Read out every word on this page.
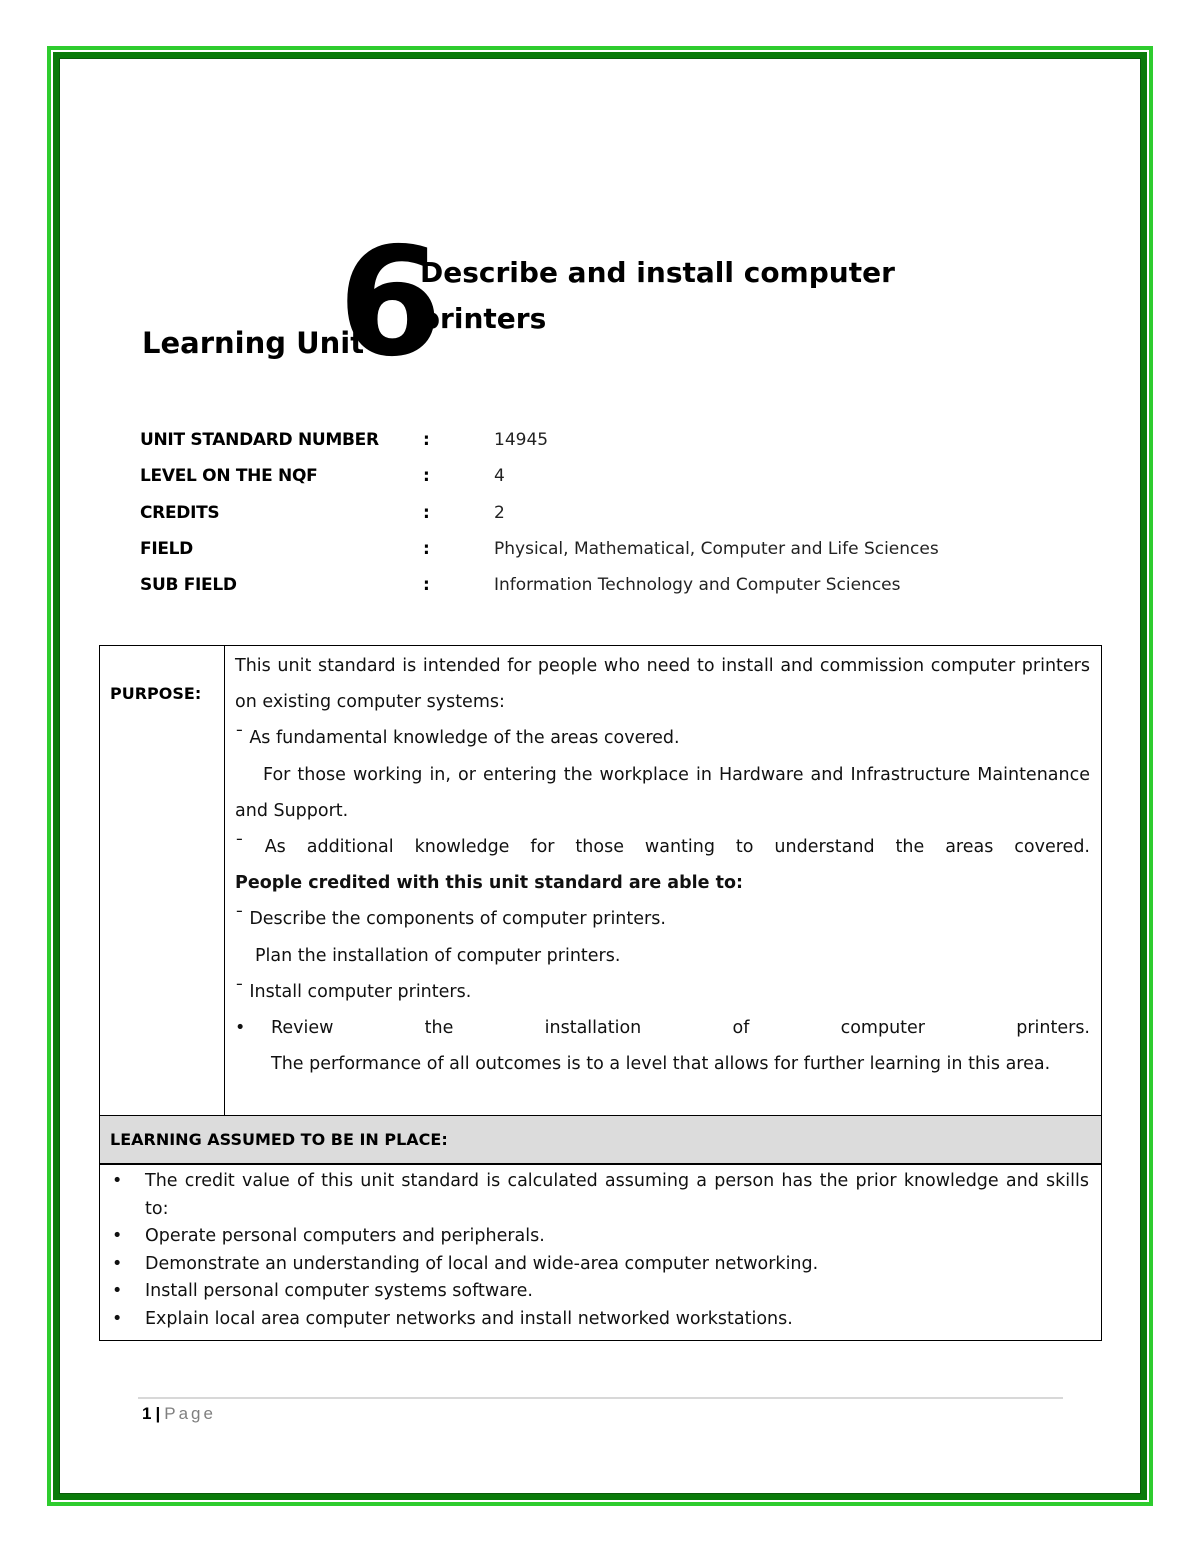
Learning Unit
6
Describe and install computer printers
UNIT STANDARD NUMBER	:	14945
LEVEL ON THE NQF	:	4
CREDITS	:	2
FIELD	:	Physical, Mathematical, Computer and Life Sciences
SUB FIELD	:	Information Technology and Computer Sciences
PURPOSE:
This unit standard is intended for people who need to install and commission computer printers on existing computer systems:
¯ As fundamental knowledge of the areas covered.
For those working in, or entering the workplace in Hardware and Infrastructure Maintenance and Support.
¯ As additional knowledge for those wanting to understand the areas covered.
People credited with this unit standard are able to:
¯ Describe the components of computer printers.
Plan the installation of computer printers.
¯ Install computer printers.
• Review the installation of computer printers.
The performance of all outcomes is to a level that allows for further learning in this area.
LEARNING ASSUMED TO BE IN PLACE:
• The credit value of this unit standard is calculated assuming a person has the prior knowledge and skills to:
• Operate personal computers and peripherals.
• Demonstrate an understanding of local and wide-area computer networking.
• Install personal computer systems software.
• Explain local area computer networks and install networked workstations.
1 | Page
